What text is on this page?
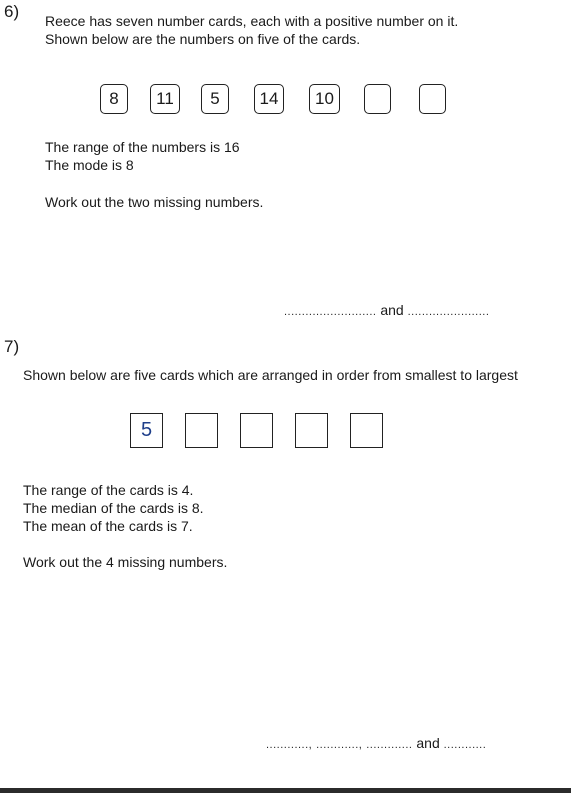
6) Reece has seven number cards, each with a positive number on it.
Shown below are the numbers on five of the cards.
8	11	5	14	10
The range of the numbers is 16
The mode is 8
Work out the two missing numbers.
.......................... and .......................
7)
Shown below are five cards which are arranged in order from smallest to largest
5
The range of the cards is 4.
The median of the cards is 8.
The mean of the cards is 7.
Work out the 4 missing numbers.
............, ............, ............. and ............
